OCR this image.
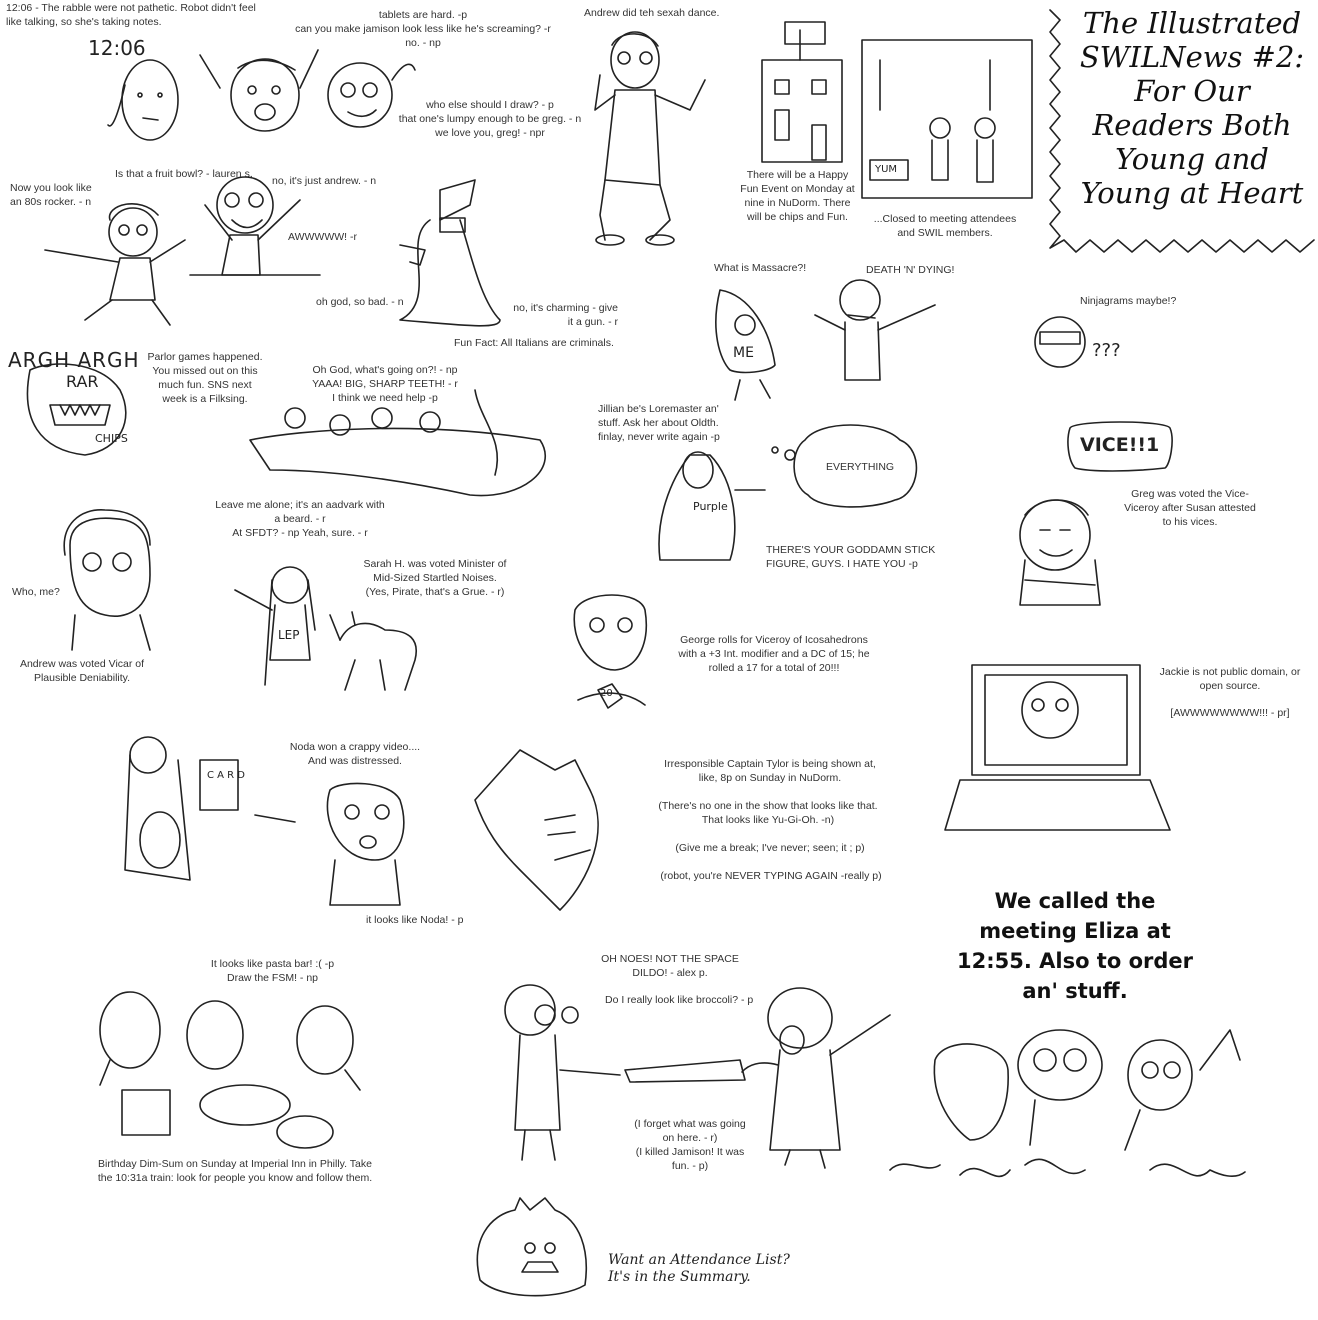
12:06
ARGH ARGH
RAR
CHIPS
ME
Purple
LEP
YUM
???
20
C A R D
The Illustrated
SWILNews #2:
For Our
Readers Both
Young and
Young at Heart
12:06 - The rabble were not pathetic. Robot didn't feel
like talking, so she's taking notes.
tablets are hard. -p
can you make jamison look less like he's screaming? -r
no. - np
who else should I draw? - p
that one's lumpy enough to be greg. - n
we love you, greg! - npr
Andrew did teh sexah dance.
There will be a Happy
Fun Event on Monday at
nine in NuDorm. There
will be chips and Fun.	...Closed to meeting attendees
and SWIL members.
Is that a fruit bowl? - lauren s.
no, it's just andrew. - n
Now you look like
an 80s rocker. - n
AWWWWW! -r
oh god, so bad. - n	no, it's charming - give
it a gun. - r
Fun Fact: All Italians are criminals.
What is Massacre?!	DEATH 'N' DYING!
Ninjagrams maybe!?
Parlor games happened.
You missed out on this
much fun. SNS next
week is a Filksing.
Oh God, what's going on?! - np
YAAA! BIG, SHARP TEETH! - r
I think we need help -p
Jillian be's Loremaster an'
stuff. Ask her about Oldth.
finlay, never write again -p
EVERYTHING
THERE'S YOUR GODDAMN STICK
FIGURE, GUYS. I HATE YOU -p
VICE!!1
Greg was voted the Vice-
Viceroy after Susan attested
to his vices.
Leave me alone; it's an aadvark with
a beard. - r
At SFDT? - np Yeah, sure. - r
Sarah H. was voted Minister of
Mid-Sized Startled Noises.
(Yes, Pirate, that's a Grue. - r)
Who, me?
Andrew was voted Vicar of
Plausible Deniability.
George rolls for Viceroy of Icosahedrons
with a +3 Int. modifier and a DC of 15; he
rolled a 17 for a total of 20!!!	Jackie is not public domain, or
open source.
[AWWWWWWWW!!! - pr]
Noda won a crappy video....
And was distressed.	Irresponsible Captain Tylor is being shown at,
like, 8p on Sunday in NuDorm.
(There's no one in the show that looks like that.
That looks like Yu-Gi-Oh. -n)
(Give me a break; I've never; seen; it ; p)
(robot, you're NEVER TYPING AGAIN -really p)
it looks like Noda! - p
It looks like pasta bar! :( -p
Draw the FSM! - np
OH NOES! NOT THE SPACE
DILDO! - alex p.
Do I really look like broccoli? - p
(I forget what was going
on here. - r)
(I killed Jamison! It was
fun. - p)
Birthday Dim-Sum on Sunday at Imperial Inn in Philly. Take
the 10:31a train: look for people you know and follow them.
We called the meeting Eliza at 12:55. Also to order an' stuff.
Want an Attendance List?
It's in the Summary.
